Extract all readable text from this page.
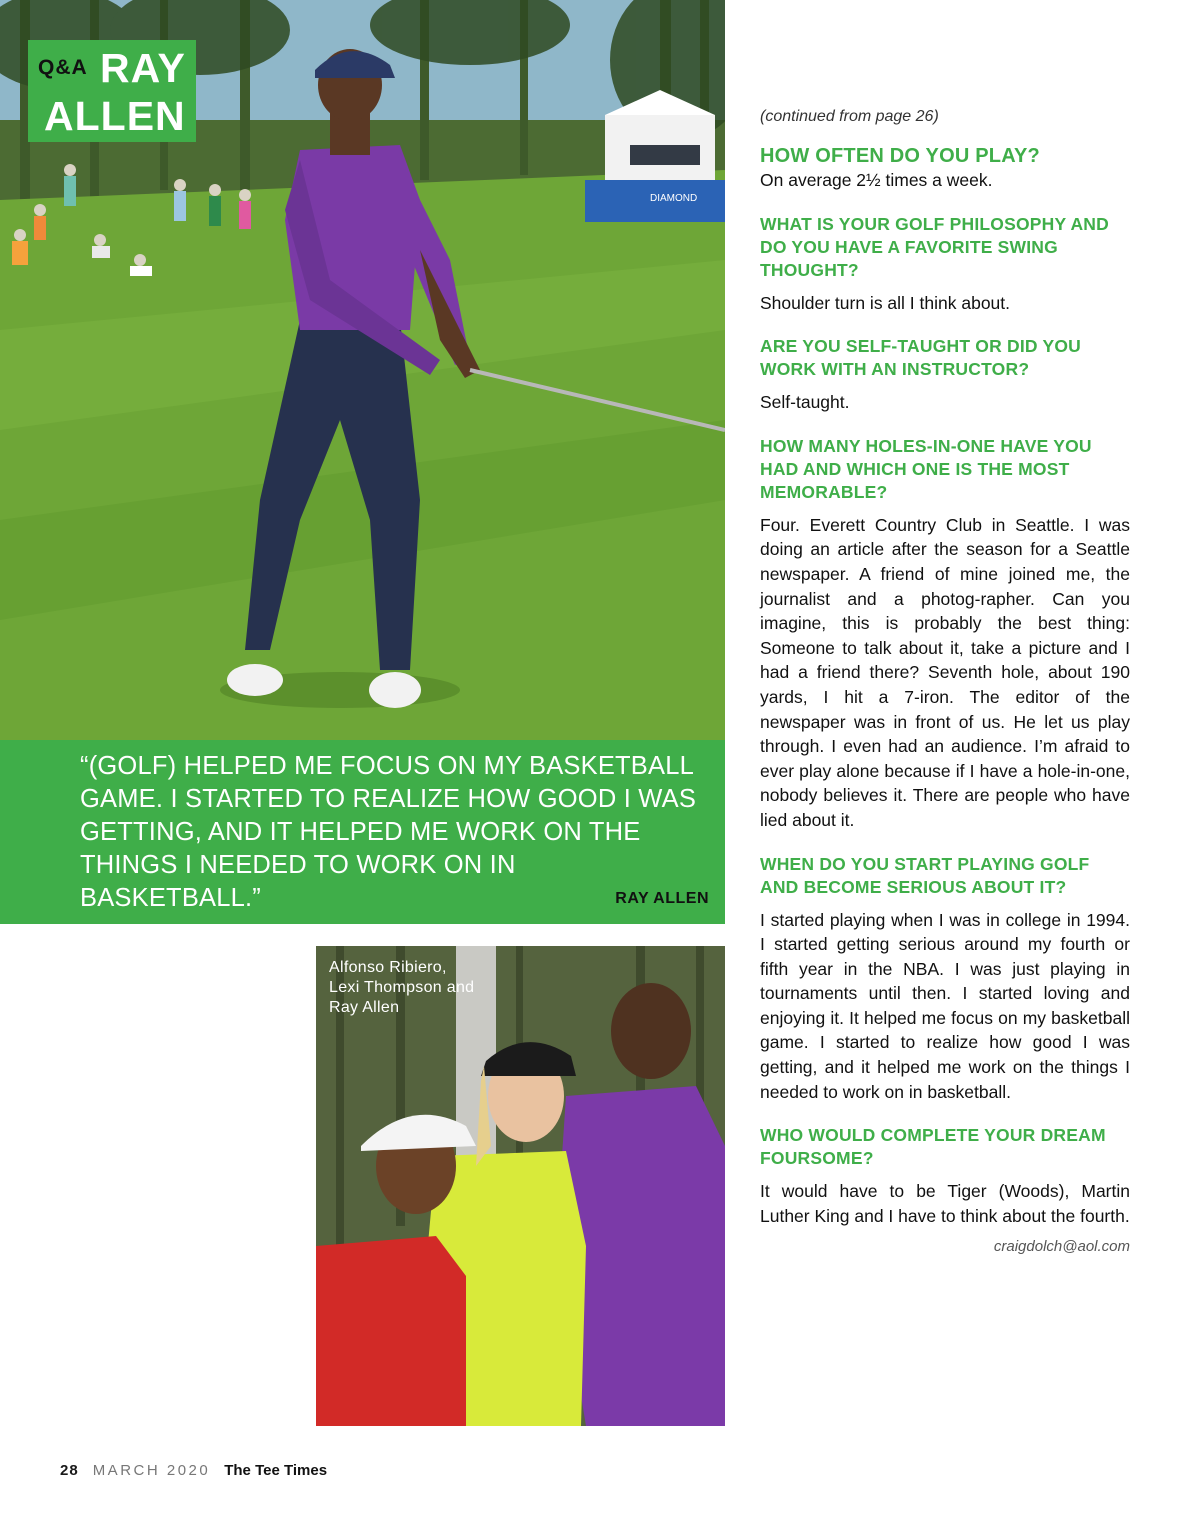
DIAMOND
Q&A RAY
ALLEN
“(GOLF) HELPED ME FOCUS ON MY BASKETBALL
GAME. I STARTED TO REALIZE HOW GOOD I WAS
GETTING, AND IT HELPED ME WORK ON THE
THINGS I NEEDED TO WORK ON IN BASKETBALL.”	RAY ALLEN
Alfonso Ribiero, Lexi Thompson and Ray Allen
(continued from page 26)
HOW OFTEN DO YOU PLAY?
On average 2½ times a week.
WHAT IS YOUR GOLF PHILOSOPHY AND DO YOU HAVE A FAVORITE SWING THOUGHT?
Shoulder turn is all I think about.
ARE YOU SELF-TAUGHT OR DID YOU WORK WITH AN INSTRUCTOR?
Self-taught.
HOW MANY HOLES-IN-ONE HAVE YOU HAD AND WHICH ONE IS THE MOST MEMORABLE?
Four. Everett Country Club in Seattle. I was doing an article after the season for a Seattle newspaper. A friend of mine joined me, the journalist and a photog-rapher. Can you imagine, this is probably the best thing: Someone to talk about it, take a picture and I had a friend there? Seventh hole, about 190 yards, I hit a 7-iron. The editor of the newspaper was in front of us. He let us play through. I even had an audience. I’m afraid to ever play alone because if I have a hole-in-one, nobody believes it. There are people who have lied about it.
WHEN DO YOU START PLAYING GOLF AND BECOME SERIOUS ABOUT IT?
I started playing when I was in college in 1994. I started getting serious around my fourth or fifth year in the NBA. I was just playing in tournaments until then. I started loving and enjoying it. It helped me focus on my basketball game. I started to realize how good I was getting, and it helped me work on the things I needed to work on in basketball.
WHO WOULD COMPLETE YOUR DREAM FOURSOME?
It would have to be Tiger (Woods), Martin Luther King and I have to think about the fourth.
craigdolch@aol.com
28 MARCH 2020 The Tee Times
